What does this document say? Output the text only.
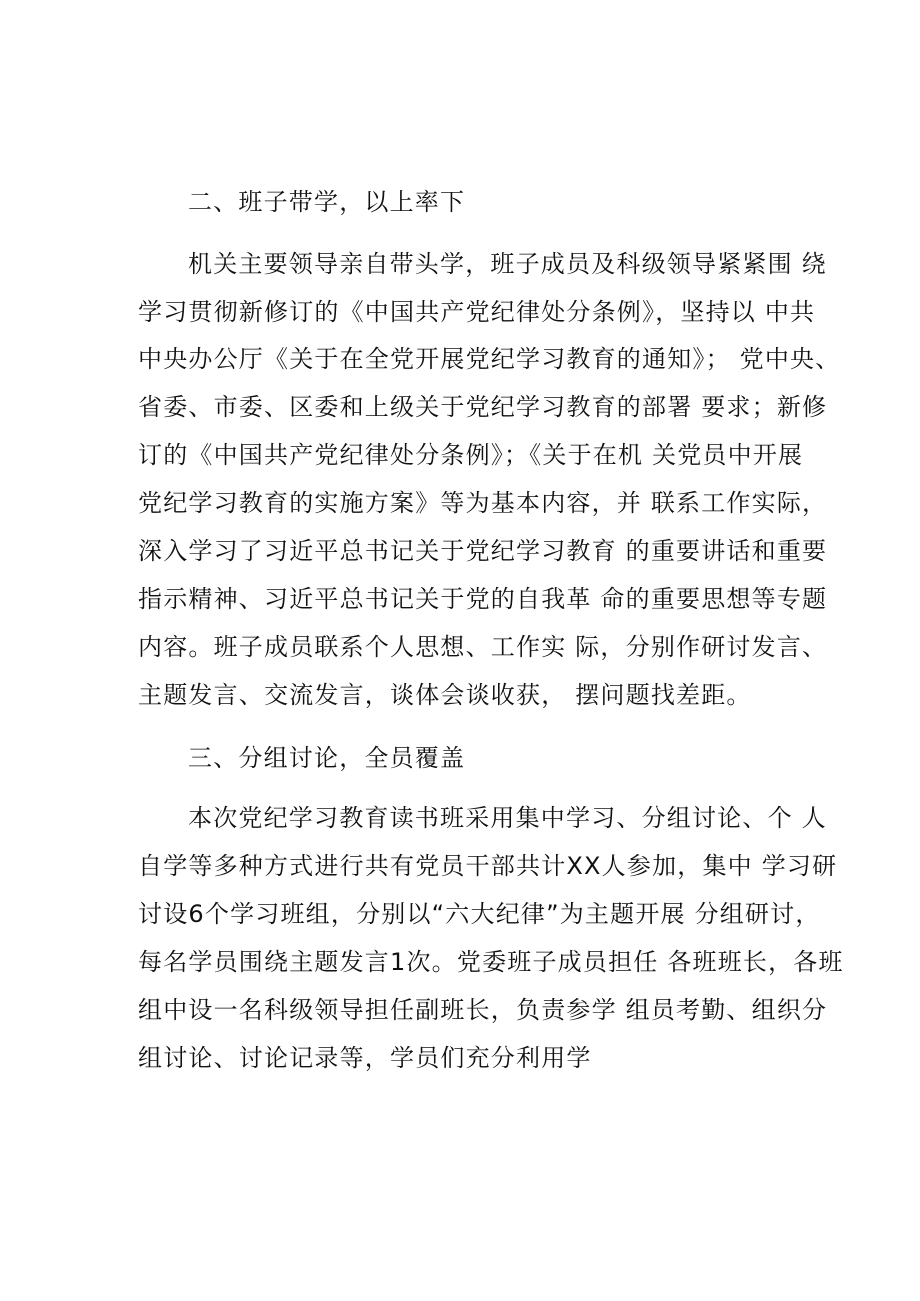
二、班子带学，以上率下
机关主要领导亲自带头学，班子成员及科级领导紧紧围 绕
学习贯彻新修订的《中国共产党纪律处分条例》，坚持以 中共
中央办公厅《关于在全党开展党纪学习教育的通知》； 党中央、
省委、市委、区委和上级关于党纪学习教育的部署 要求；新修
订的《中国共产党纪律处分条例》；《关于在机 关党员中开展
党纪学习教育的实施方案》等为基本内容，并 联系工作实际，
深入学习了习近平总书记关于党纪学习教育 的重要讲话和重要
指示精神、习近平总书记关于党的自我革 命的重要思想等专题
内容。班子成员联系个人思想、工作实 际，分别作研讨发言、
主题发言、交流发言，谈体会谈收获， 摆问题找差距。
三、分组讨论，全员覆盖
本次党纪学习教育读书班采用集中学习、分组讨论、个 人
自学等多种方式进行共有党员干部共计XX人参加，集中 学习研
讨设6个学习班组，分别以“六大纪律”为主题开展 分组研讨，
每名学员围绕主题发言1次。党委班子成员担任 各班班长，各班
组中设一名科级领导担任副班长，负责参学 组员考勤、组织分
组讨论、讨论记录等，学员们充分利用学
